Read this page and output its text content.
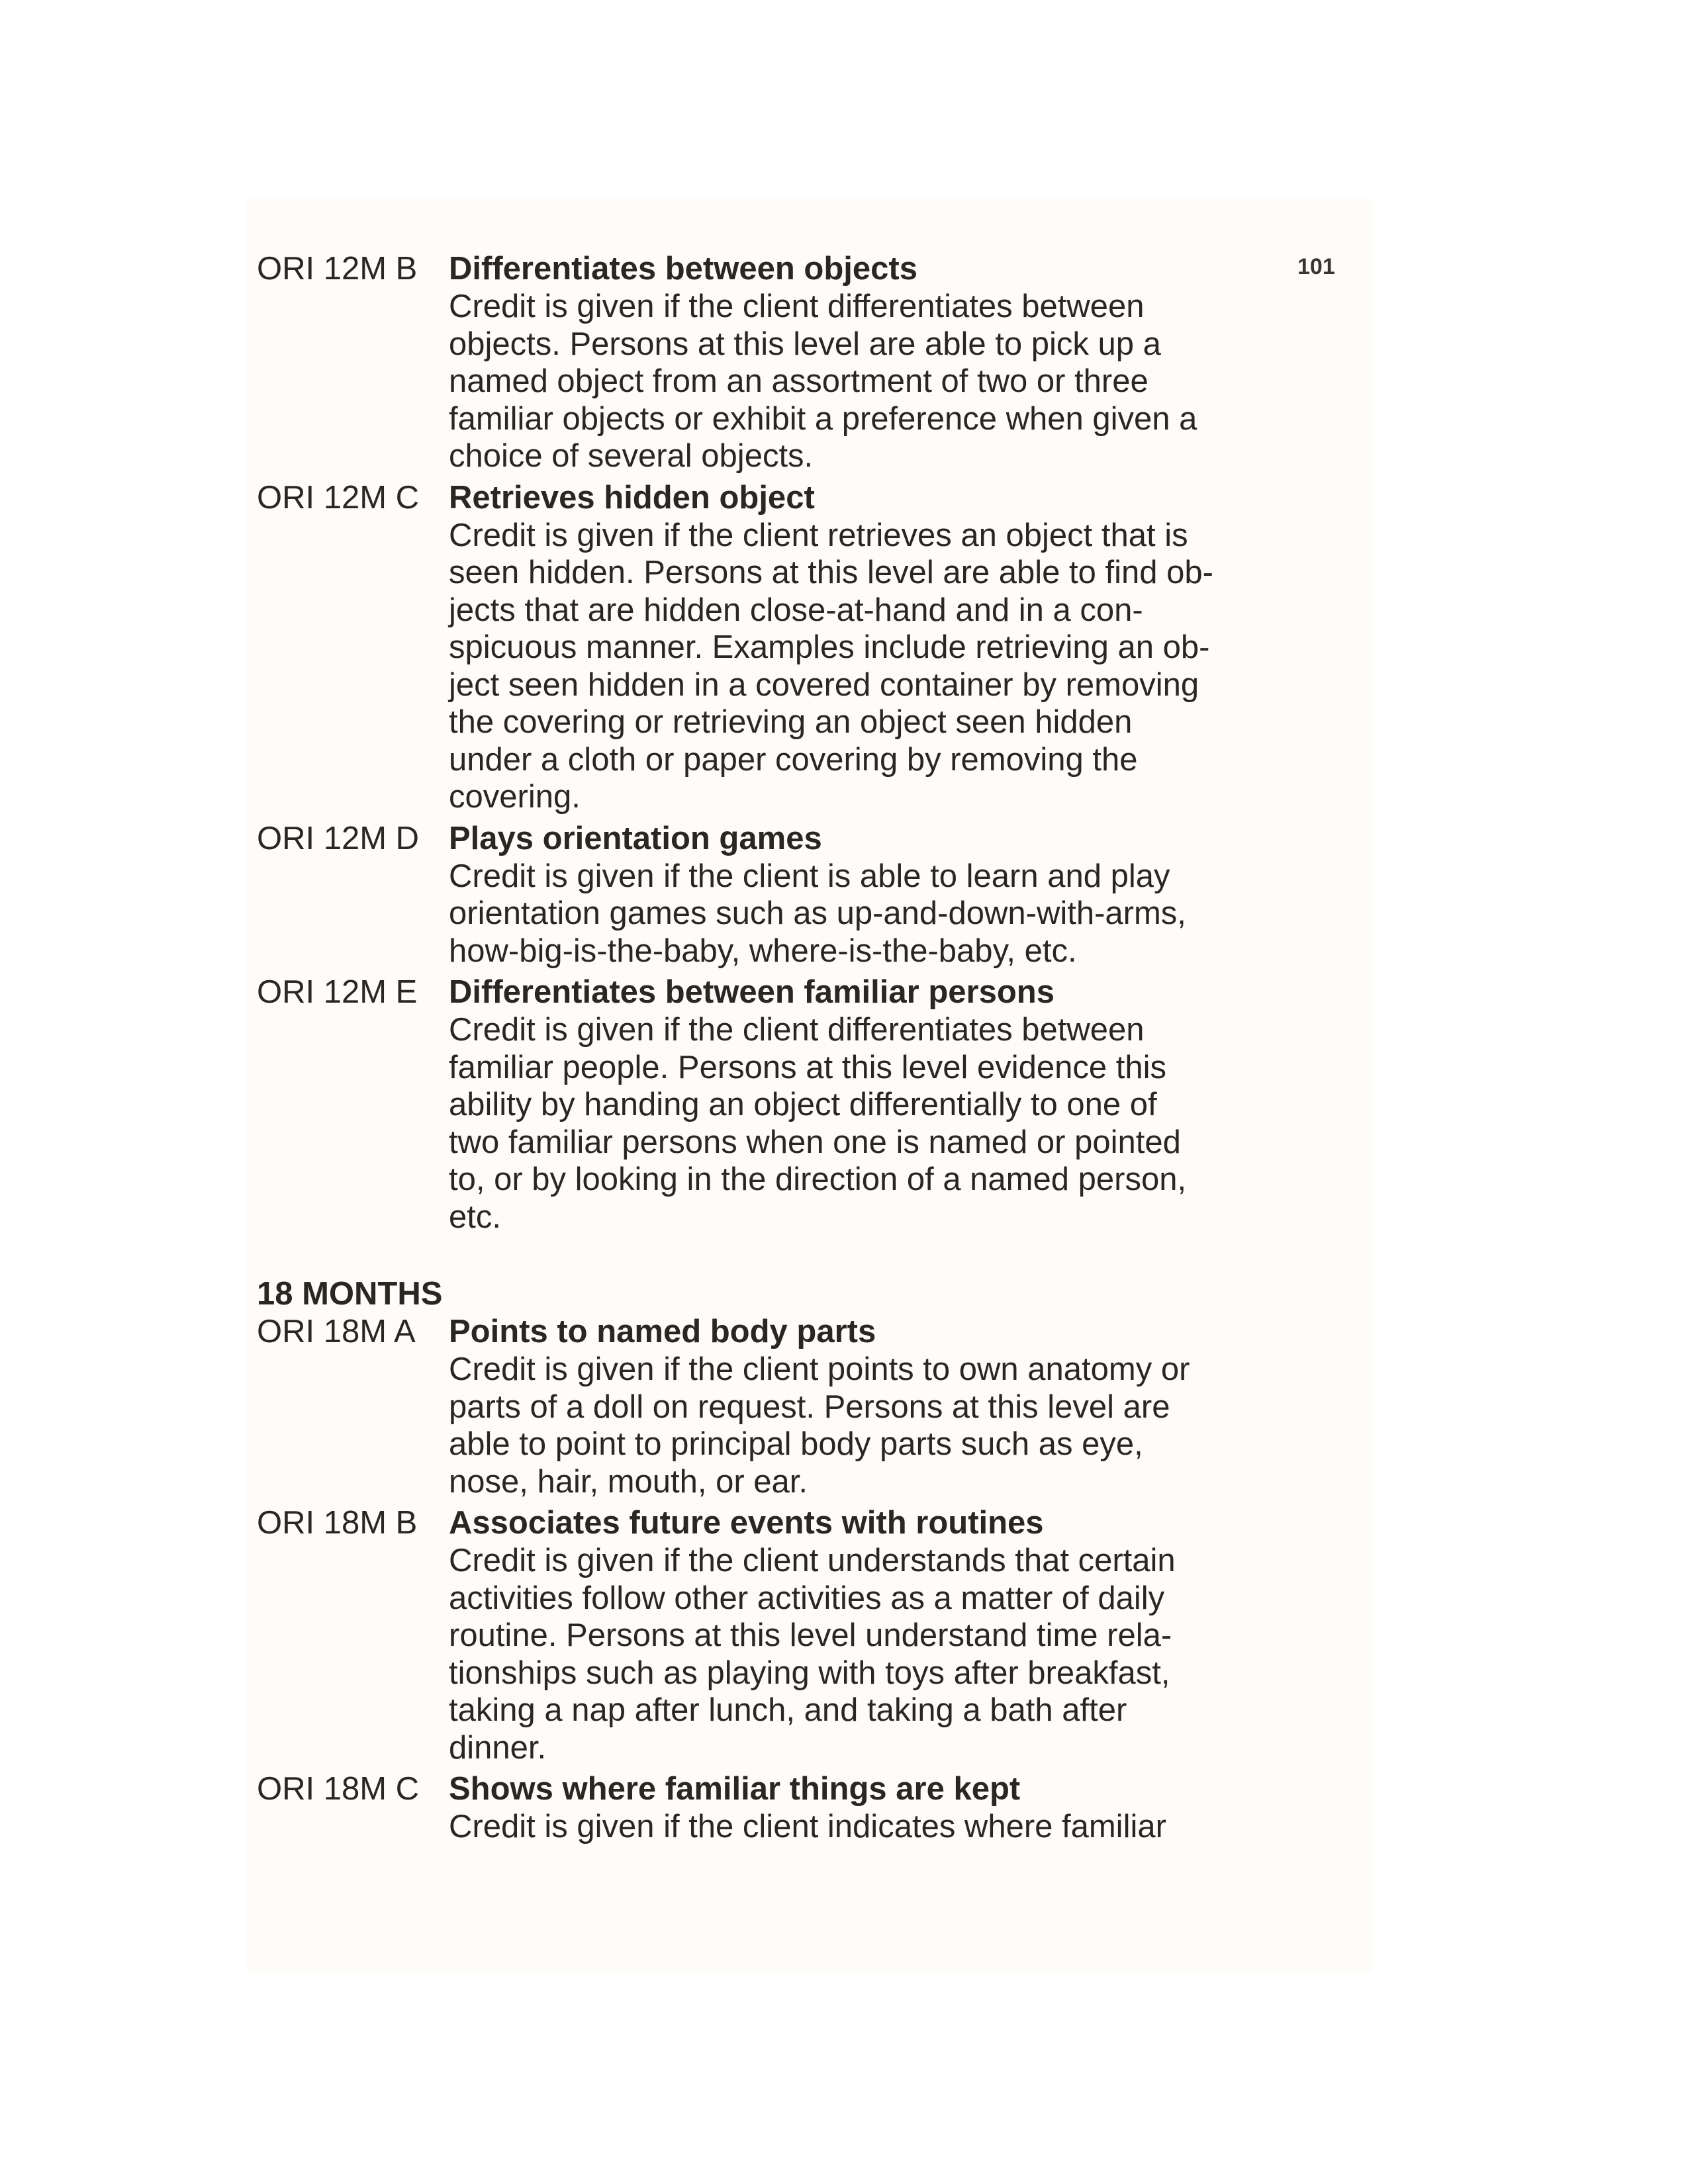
101

ORI 12M B Differentiates between objects

Credit is given if the client differentiates between
objects. Persons at this level are able to pick up a
named object from an assortment of two or three
familiar objects or exhibit a preference when given a
choice of several objects.

ORI 12M C Retrieves hidden object

Credit is given if the client retrieves an object that is
seen hidden. Persons at this level are able to find ob-
jects that are hidden close-at-hand and in a con-
spicuous manner. Examples include retrieving an ob-
ject seen hidden in a covered container by removing
the covering or retrieving an object seen hidden
under a cloth or paper covering by removing the
covering.

ORI 12M D Plays orientation games

Credit is given if the client is able to learn and play
orientation games such as up-and-down-with-arms,
how-big-is-the-baby, where-is-the-baby, etc.

ORI 12M E Differentiates between familiar persons

Credit is given if the client differentiates between
familiar people. Persons at this level evidence this
ability by handing an object differentially to one of
two familiar persons when one is named or pointed
to, or by looking in the direction of a named person,
etc.

18 MONTHS
ORI 18M A	Points to named body parts

Credit is given if the client points to own anatomy or
parts of a doll on request. Persons at this level are
able to point to principal body parts such as eye,
nose, hair, mouth, or ear.

ORI 18M B Associates future events with routines

Credit is given if the client understands that certain
activities follow other activities as a matter of daily
routine. Persons at this level understand time rela-
tionships such as playing with toys after breakfast,
taking a nap after lunch, and taking a bath after
dinner.

ORI 18M C Shows where familiar things are kept

Credit is given if the client indicates where familiar
